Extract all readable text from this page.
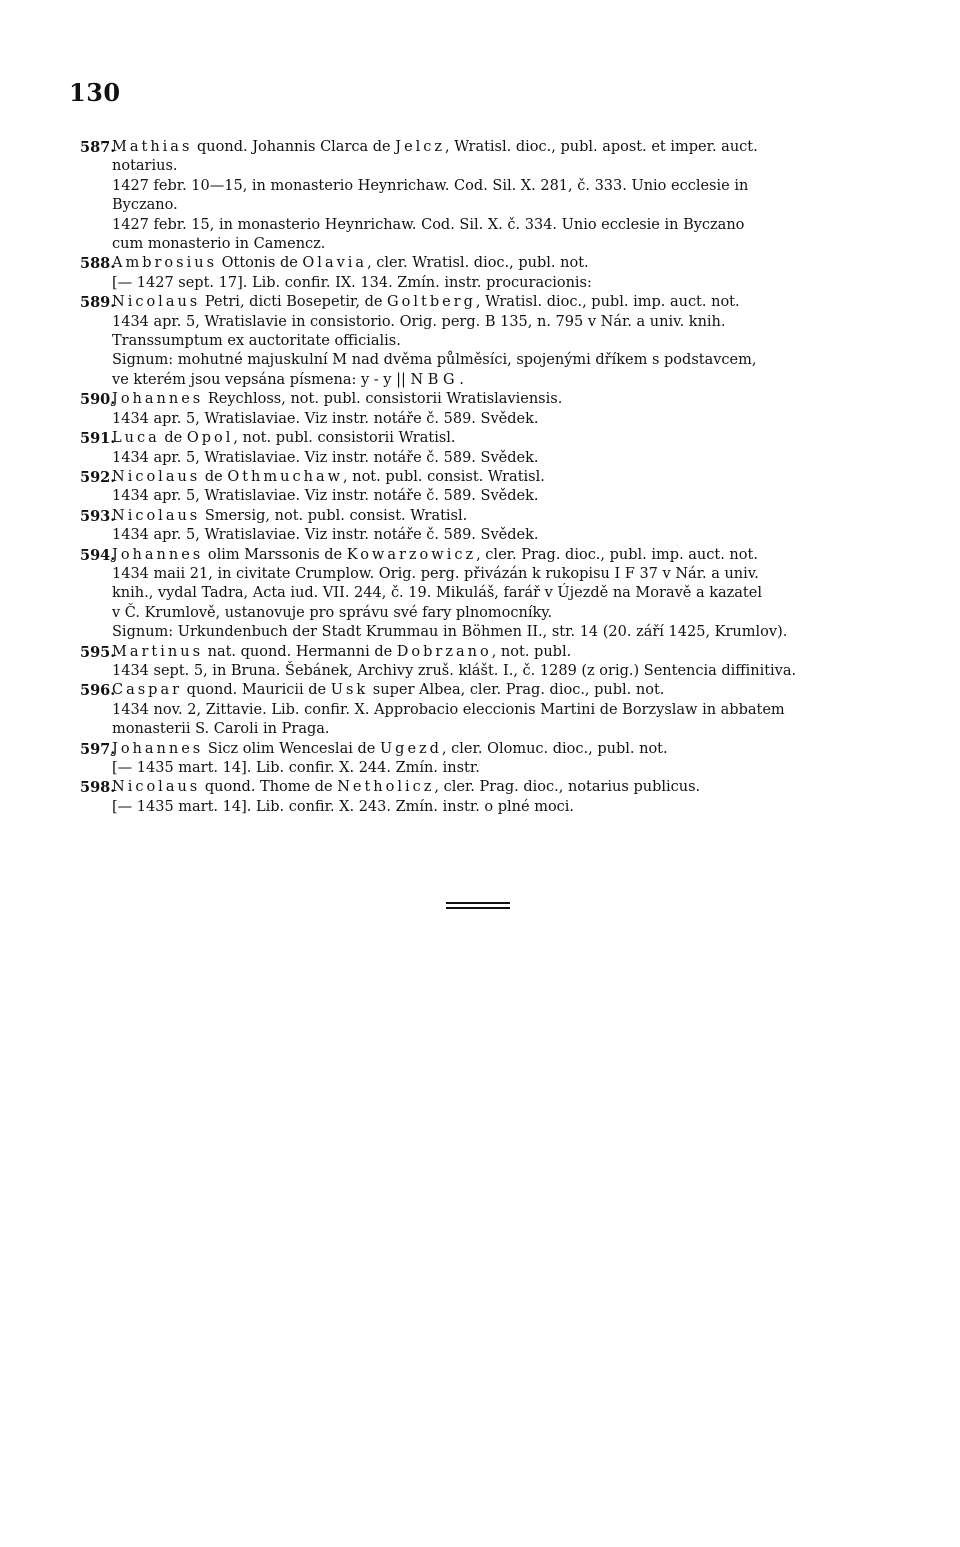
130
587.
Mathias quond. Johannis Clarca de Jelcz, Wratisl. dioc., publ. apost. et imper. auct.
notarius.
1427 febr. 10—15, in monasterio Heynrichaw. Cod. Sil. X. 281, č. 333. Unio ecclesie in
Byczano.
1427 febr. 15, in monasterio Heynrichaw. Cod. Sil. X. č. 334. Unio ecclesie in Byczano
cum monasterio in Camencz.
588.
Ambrosius Ottonis de Olavia, cler. Wratisl. dioc., publ. not.
[— 1427 sept. 17]. Lib. confir. IX. 134. Zmín. instr. procuracionis:
589.
Nicolaus Petri, dicti Bosepetir, de Goltberg, Wratisl. dioc., publ. imp. auct. not.
1434 apr. 5, Wratislavie in consistorio. Orig. perg. B 135, n. 795 v Nár. a univ. knih.
Transsumptum ex auctoritate officialis.
Signum: mohutné majuskulní M nad dvěma půlměsíci, spojenými dříkem s podstavcem,
ve kterém jsou vepsána písmena: y - y || N B G .
590.
Johannes Reychloss, not. publ. consistorii Wratislaviensis.
1434 apr. 5, Wratislaviae. Viz instr. notáře č. 589. Svědek.
591.
Luca de Opol, not. publ. consistorii Wratisl.
1434 apr. 5, Wratislaviae. Viz instr. notáře č. 589. Svědek.
592.
Nicolaus de Othmuchaw, not. publ. consist. Wratisl.
1434 apr. 5, Wratislaviae. Viz instr. notáře č. 589. Svědek.
593.
Nicolaus Smersig, not. publ. consist. Wratisl.
1434 apr. 5, Wratislaviae. Viz instr. notáře č. 589. Svědek.
594.
Johannes olim Marssonis de Kowarzowicz, cler. Prag. dioc., publ. imp. auct. not.
1434 maii 21, in civitate Crumplow. Orig. perg. přivázán k rukopisu I F 37 v Nár. a univ.
knih., vydal Tadra, Acta iud. VII. 244, č. 19. Mikuláš, farář v Újezdě na Moravě a kazatel
v Č. Krumlově, ustanovuje pro správu své fary plnomocníky.
Signum: Urkundenbuch der Stadt Krummau in Böhmen II., str. 14 (20. září 1425, Krumlov).
595.
Martinus nat. quond. Hermanni de Dobrzano, not. publ.
1434 sept. 5, in Bruna. Šebánek, Archivy zruš. klášt. I., č. 1289 (z orig.) Sentencia diffinitiva.
596.
Caspar quond. Mauricii de Usk super Albea, cler. Prag. dioc., publ. not.
1434 nov. 2, Zittavie. Lib. confir. X. Approbacio eleccionis Martini de Borzyslaw in abbatem
monasterii S. Caroli in Praga.
597.
Johannes Sicz olim Wenceslai de Ugezd, cler. Olomuc. dioc., publ. not.
[— 1435 mart. 14]. Lib. confir. X. 244. Zmín. instr.
598.
Nicolaus quond. Thome de Netholicz, cler. Prag. dioc., notarius publicus.
[— 1435 mart. 14]. Lib. confir. X. 243. Zmín. instr. o plné moci.
